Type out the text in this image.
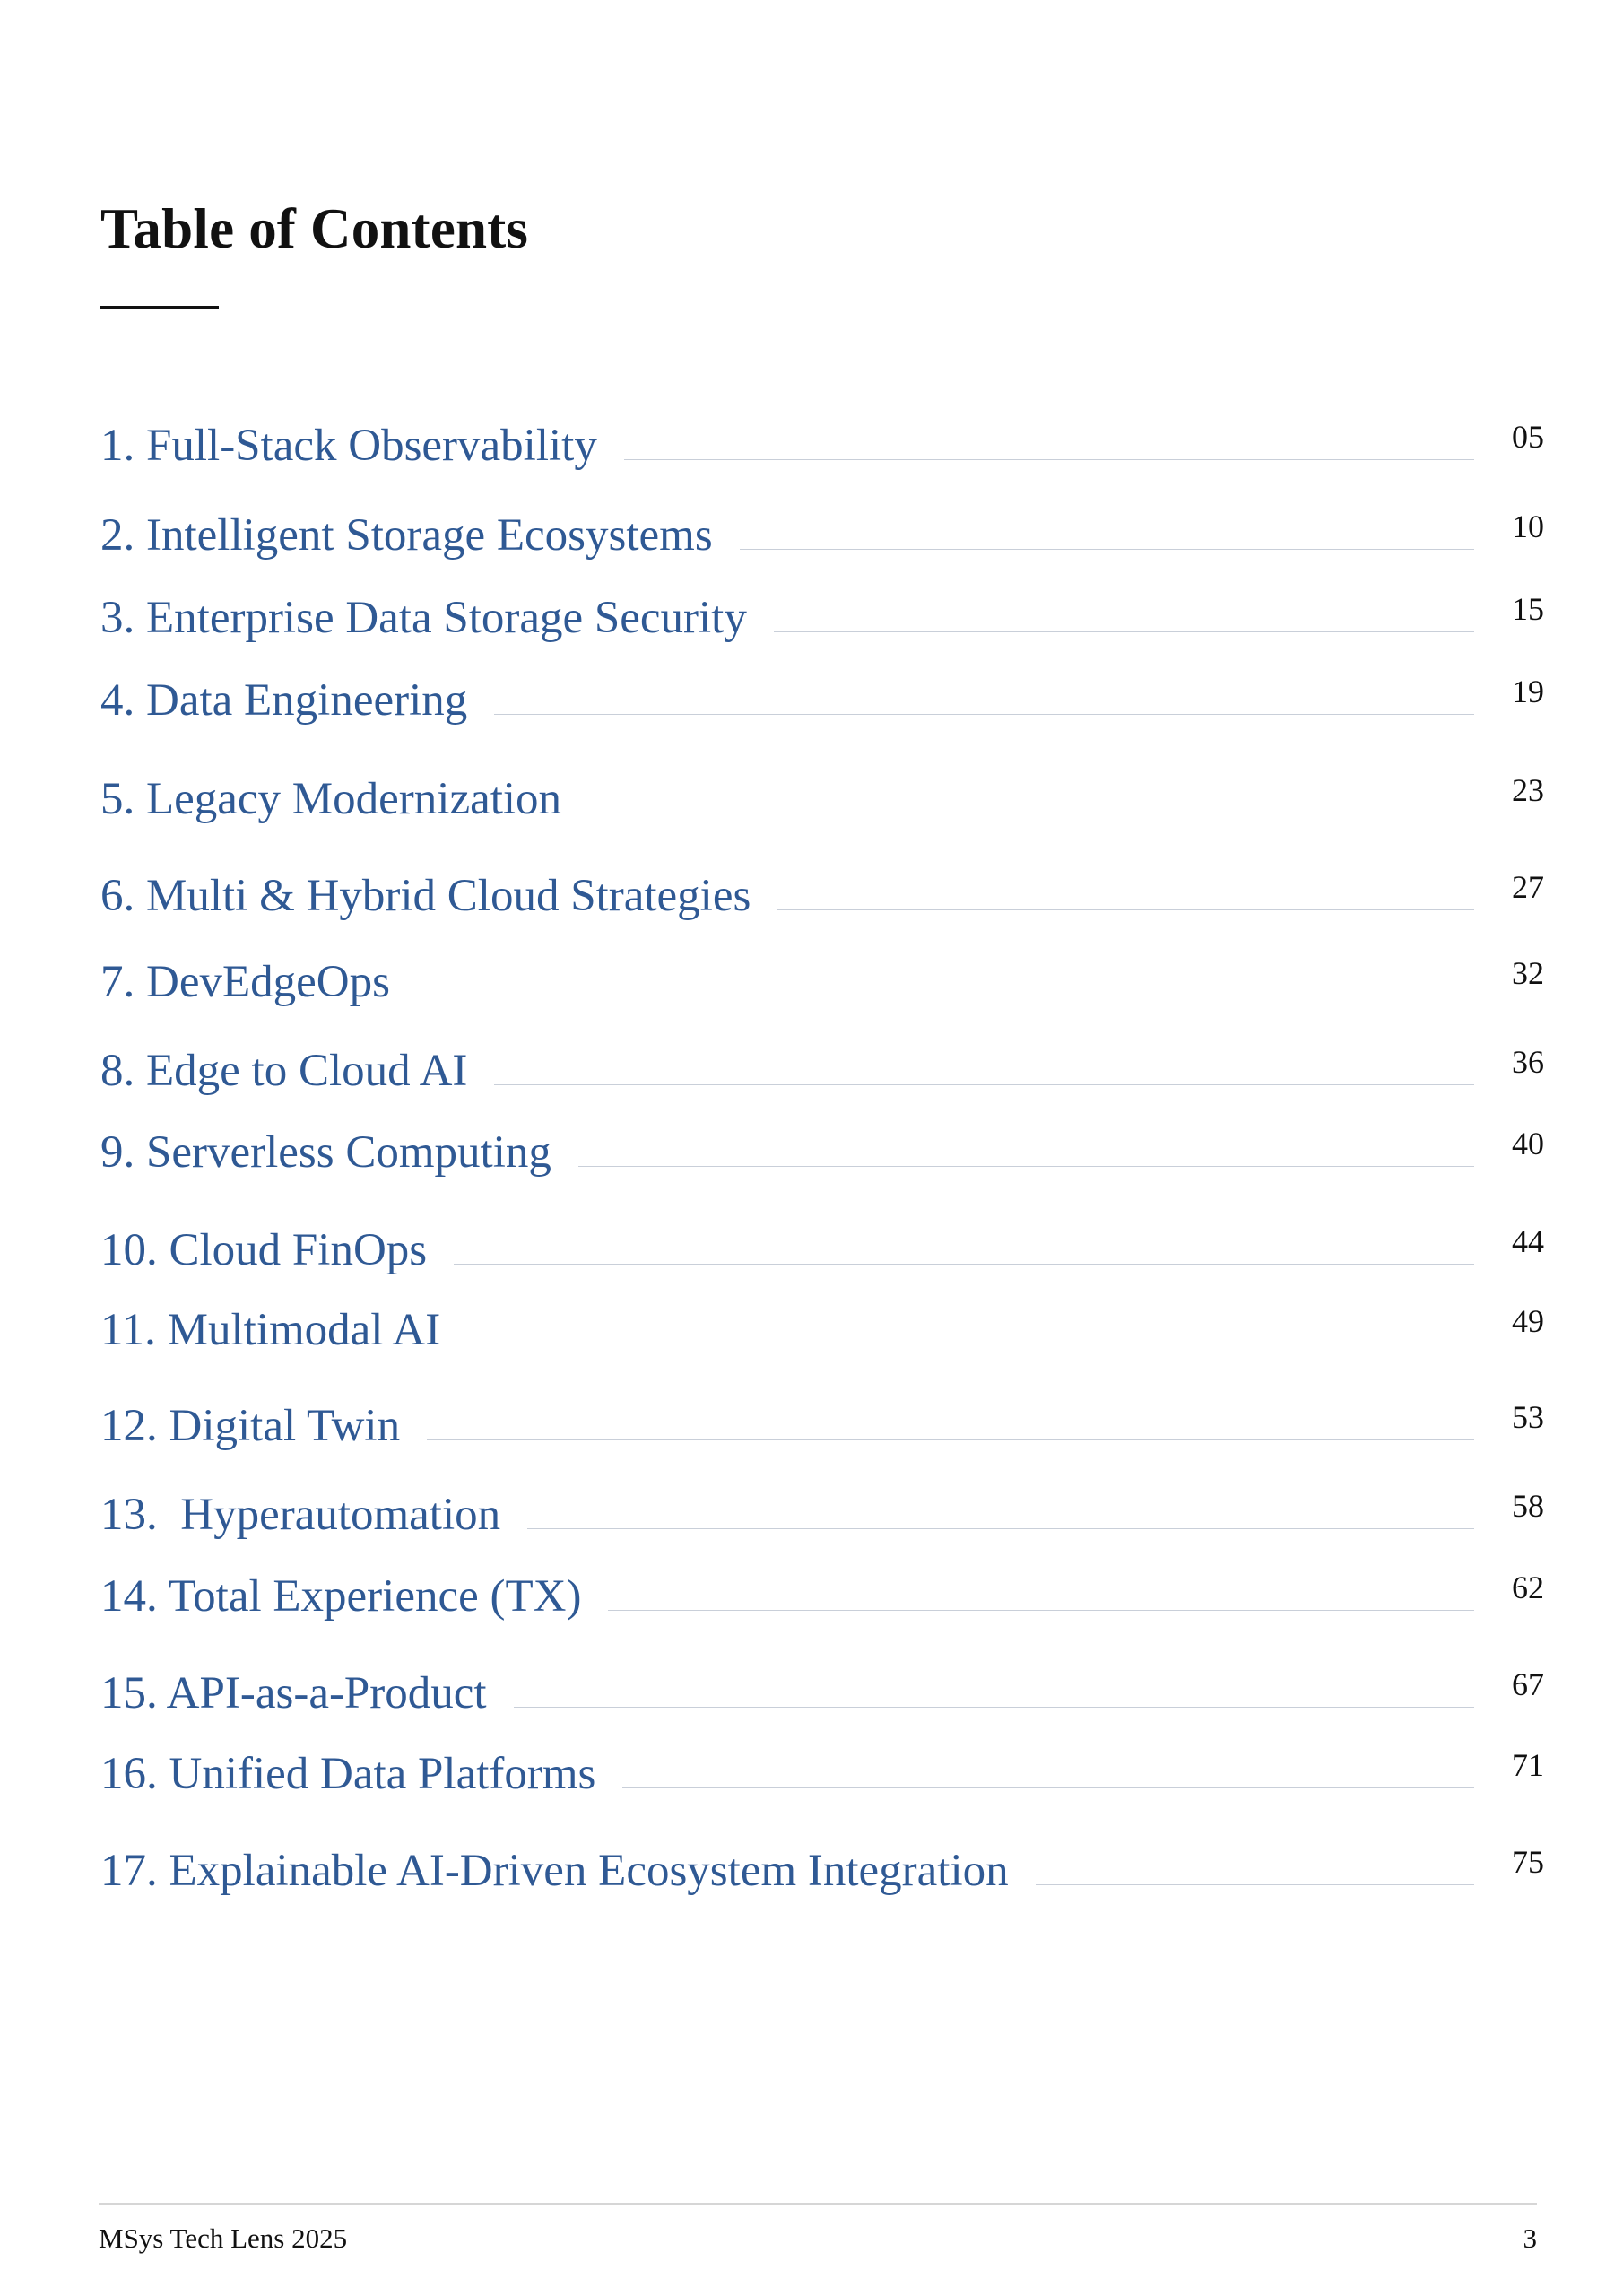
Table of Contents
1. Full-Stack Observability	05
2. Intelligent Storage Ecosystems	10
3. Enterprise Data Storage Security	15
4. Data Engineering	19
5. Legacy Modernization	23
6. Multi & Hybrid Cloud Strategies	27
7. DevEdgeOps	32
8. Edge to Cloud AI	36
9. Serverless Computing	40
10. Cloud FinOps	44
11. Multimodal AI	49
12. Digital Twin	53
13.  Hyperautomation	58
14. Total Experience (TX)	62
15. API-as-a-Product	67
16. Unified Data Platforms	71
17. Explainable AI-Driven Ecosystem Integration	75
MSys Tech Lens 2025	3
